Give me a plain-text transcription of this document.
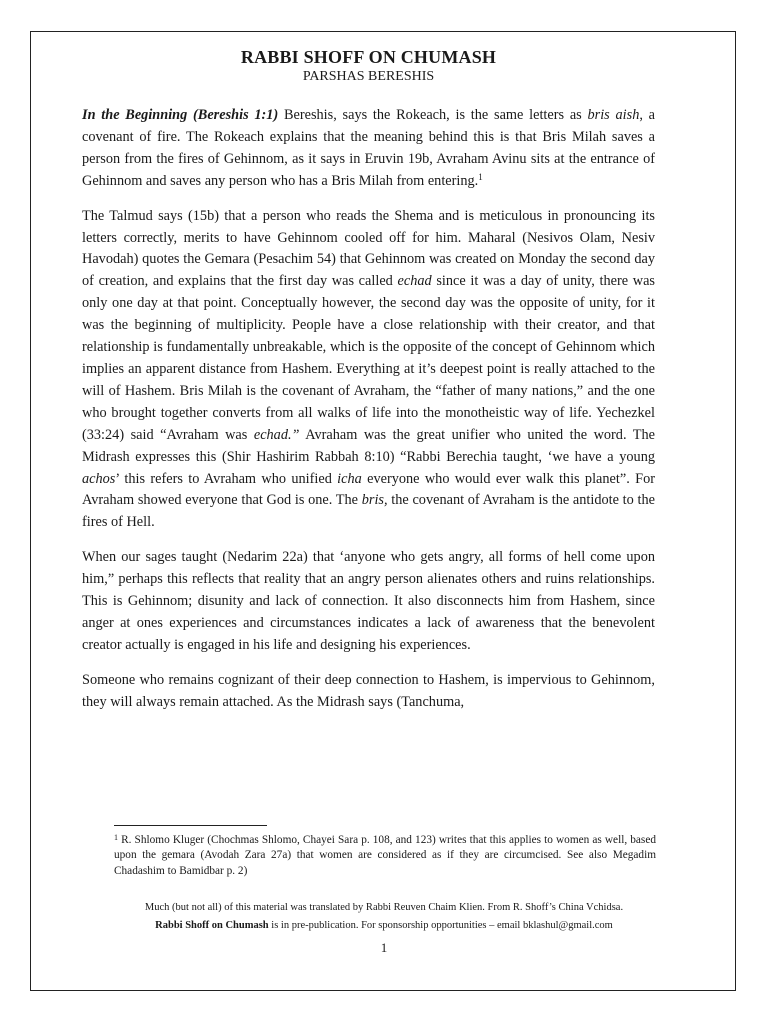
RABBI SHOFF ON CHUMASH
PARSHAS BERESHIS

In the Beginning (Bereshis 1:1) Bereshis, says the Rokeach, is the same letters as bris aish, a covenant of fire. The Rokeach explains that the meaning behind this is that Bris Milah saves a person from the fires of Gehinnom, as it says in Eruvin 19b, Avraham Avinu sits at the entrance of Gehinnom and saves any person who has a Bris Milah from entering.$^1$

The Talmud says (15b) that a person who reads the Shema and is meticulous in pronouncing its letters correctly, merits to have Gehinnom cooled off for him. Maharal (Nesivos Olam, Nesiv Havodah) quotes the Gemara (Pesachim 54) that Gehinnom was created on Monday the second day of creation, and explains that the first day was called echad since it was a day of unity, there was only one day at that point. Conceptually however, the second day was the opposite of unity, for it was the beginning of multiplicity. People have a close relationship with their creator, and that relationship is fundamentally unbreakable, which is the opposite of the concept of Gehinnom which implies an apparent distance from Hashem. Everything at it’s deepest point is really attached to the will of Hashem. Bris Milah is the covenant of Avraham, the “father of many nations,” and the one who brought together converts from all walks of life into the monotheistic way of life. Yechezkel (33:24) said “Avraham was echad.” Avraham was the great unifier who united the word. The Midrash expresses this (Shir Hashirim Rabbah 8:10) “Rabbi Berechia taught, ‘we have a young achos’ this refers to Avraham who unified icha everyone who would ever walk this planet”. For Avraham showed everyone that God is one. The bris, the covenant of Avraham is the antidote to the fires of Hell.

When our sages taught (Nedarim 22a) that ‘anyone who gets angry, all forms of hell come upon him,” perhaps this reflects that reality that an angry person alienates others and ruins relationships. This is Gehinnom; disunity and lack of connection. It also disconnects him from Hashem, since anger at ones experiences and circumstances indicates a lack of awareness that the benevolent creator actually is engaged in his life and designing his experiences.

Someone who remains cognizant of their deep connection to Hashem, is impervious to Gehinnom, they will always remain attached. As the Midrash says (Tanchuma,

$^1$ R. Shlomo Kluger (Chochmas Shlomo, Chayei Sara p. 108, and 123) writes that this applies to women as well, based upon the gemara (Avodah Zara 27a) that women are considered as if they are circumcised. See also Megadim Chadashim to Bamidbar p. 2)
Much (but not all) of this material was translated by Rabbi Reuven Chaim Klien. From R. Shoff’s China Vchidsa.
Rabbi Shoff on Chumash is in pre-publication. For sponsorship opportunities – email bklashul@gmail.com
1
